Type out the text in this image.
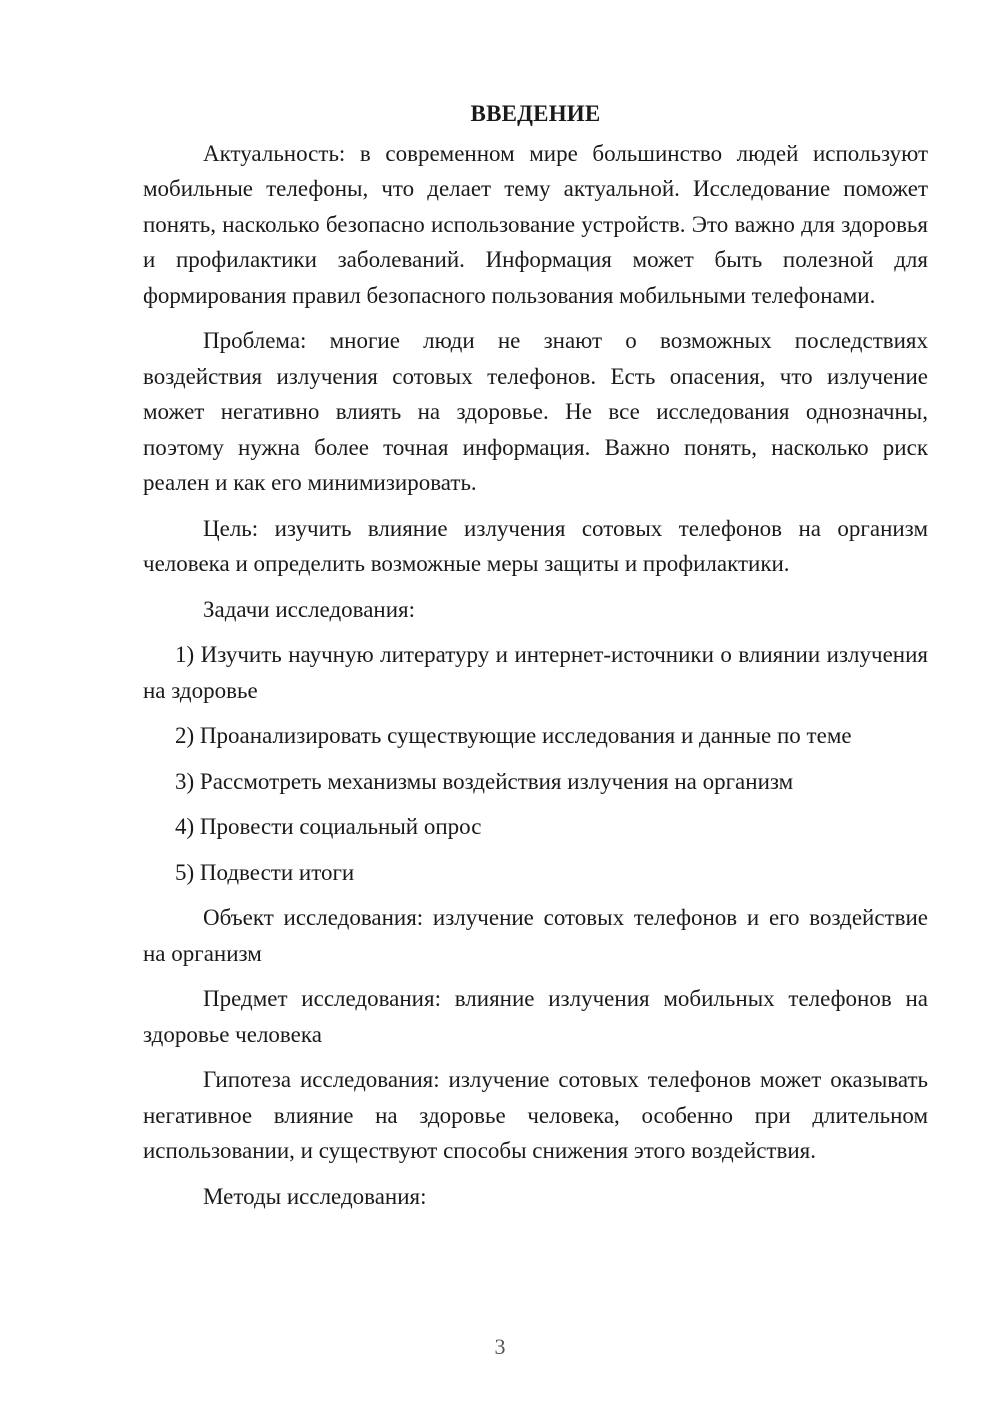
ВВЕДЕНИЕ

Актуальность: в современном мире большинство людей используют мобильные телефоны, что делает тему актуальной. Исследование поможет понять, насколько безопасно использование устройств. Это важно для здоровья и профилактики заболеваний. Информация может быть полезной для формирования правил безопасного пользования мобильными телефонами.

Проблема: многие люди не знают о возможных последствиях воздействия излучения сотовых телефонов. Есть опасения, что излучение может негативно влиять на здоровье. Не все исследования однозначны, поэтому нужна более точная информация. Важно понять, насколько риск реален и как его минимизировать.

Цель: изучить влияние излучения сотовых телефонов на организм человека и определить возможные меры защиты и профилактики.

Задачи исследования:

1) Изучить научную литературу и интернет-источники о влиянии излучения на здоровье

2) Проанализировать существующие исследования и данные по теме

3) Рассмотреть механизмы воздействия излучения на организм

4) Провести социальный опрос

5) Подвести итоги

Объект исследования: излучение сотовых телефонов и его воздействие на организм

Предмет исследования: влияние излучения мобильных телефонов на здоровье человека

Гипотеза исследования: излучение сотовых телефонов может оказывать негативное влияние на здоровье человека, особенно при длительном использовании, и существуют способы снижения этого воздействия.

Методы исследования:

3
